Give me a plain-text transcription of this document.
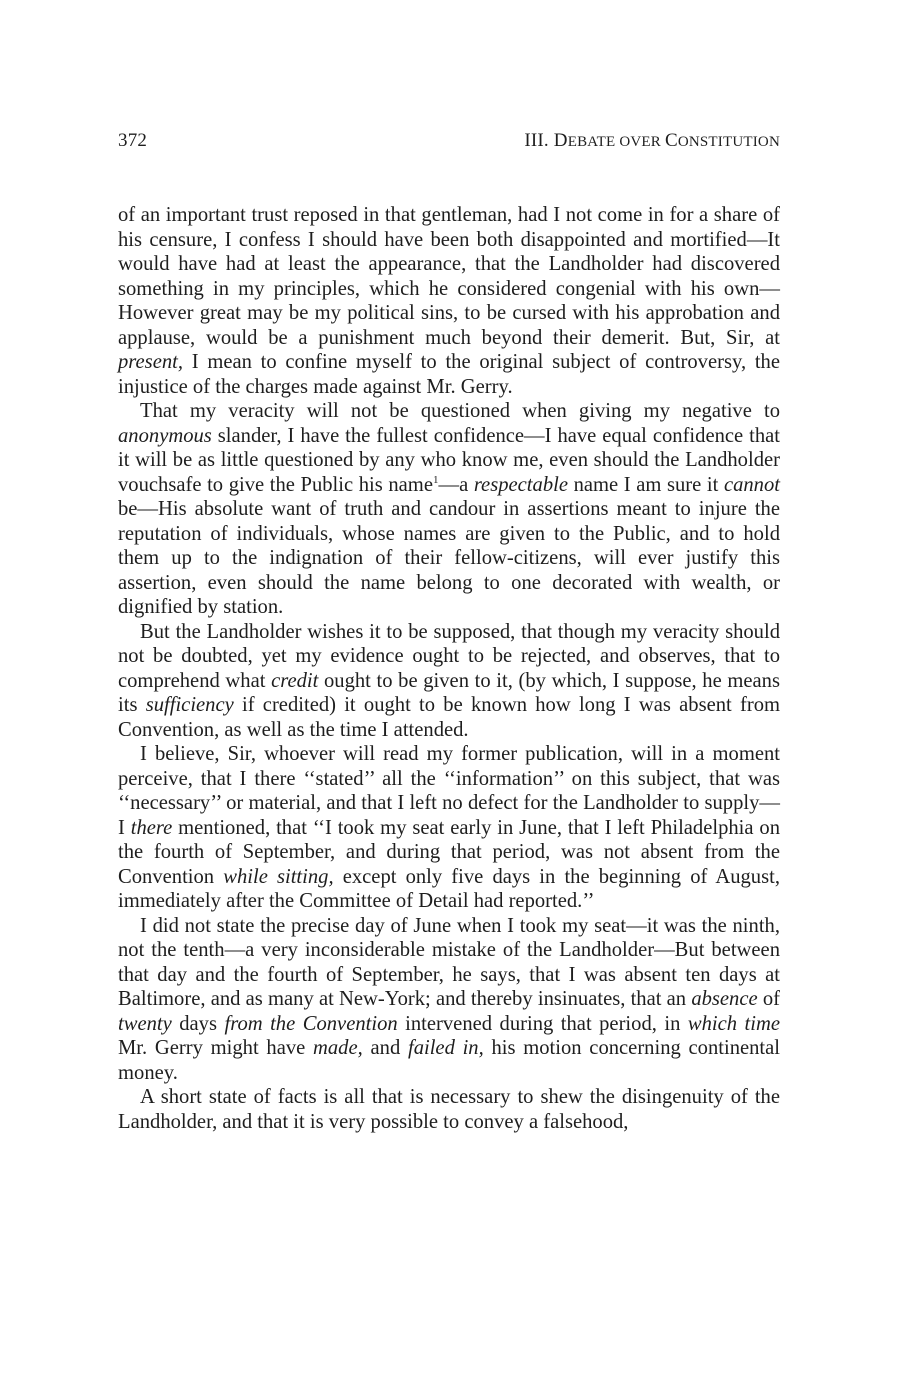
372	III. DEBATE OVER CONSTITUTION

of an important trust reposed in that gentleman, had I not come in for a share of his censure, I confess I should have been both disappointed and mortified—It would have had at least the appearance, that the Landholder had discovered something in my principles, which he considered congenial with his own—However great may be my political sins, to be cursed with his approbation and applause, would be a punishment much beyond their demerit. But, Sir, at present, I mean to confine myself to the original subject of controversy, the injustice of the charges made against Mr. Gerry.

That my veracity will not be questioned when giving my negative to anonymous slander, I have the fullest confidence—I have equal confidence that it will be as little questioned by any who know me, even should the Landholder vouchsafe to give the Public his name$^1$—a respectable name I am sure it cannot be—His absolute want of truth and candour in assertions meant to injure the reputation of individuals, whose names are given to the Public, and to hold them up to the indignation of their fellow-citizens, will ever justify this assertion, even should the name belong to one decorated with wealth, or dignified by station.

But the Landholder wishes it to be supposed, that though my veracity should not be doubted, yet my evidence ought to be rejected, and observes, that to comprehend what credit ought to be given to it, (by which, I suppose, he means its sufficiency if credited) it ought to be known how long I was absent from Convention, as well as the time I attended.

I believe, Sir, whoever will read my former publication, will in a moment perceive, that I there ‘‘stated’’ all the ‘‘information’’ on this subject, that was ‘‘necessary’’ or material, and that I left no defect for the Landholder to supply—I there mentioned, that ‘‘I took my seat early in June, that I left Philadelphia on the fourth of September, and during that period, was not absent from the Convention while sitting, except only five days in the beginning of August, immediately after the Committee of Detail had reported.’’

I did not state the precise day of June when I took my seat—it was the ninth, not the tenth—a very inconsiderable mistake of the Landholder—But between that day and the fourth of September, he says, that I was absent ten days at Baltimore, and as many at New-York; and thereby insinuates, that an absence of twenty days from the Convention intervened during that period, in which time Mr. Gerry might have made, and failed in, his motion concerning continental money.

A short state of facts is all that is necessary to shew the disingenuity of the Landholder, and that it is very possible to convey a falsehood,
